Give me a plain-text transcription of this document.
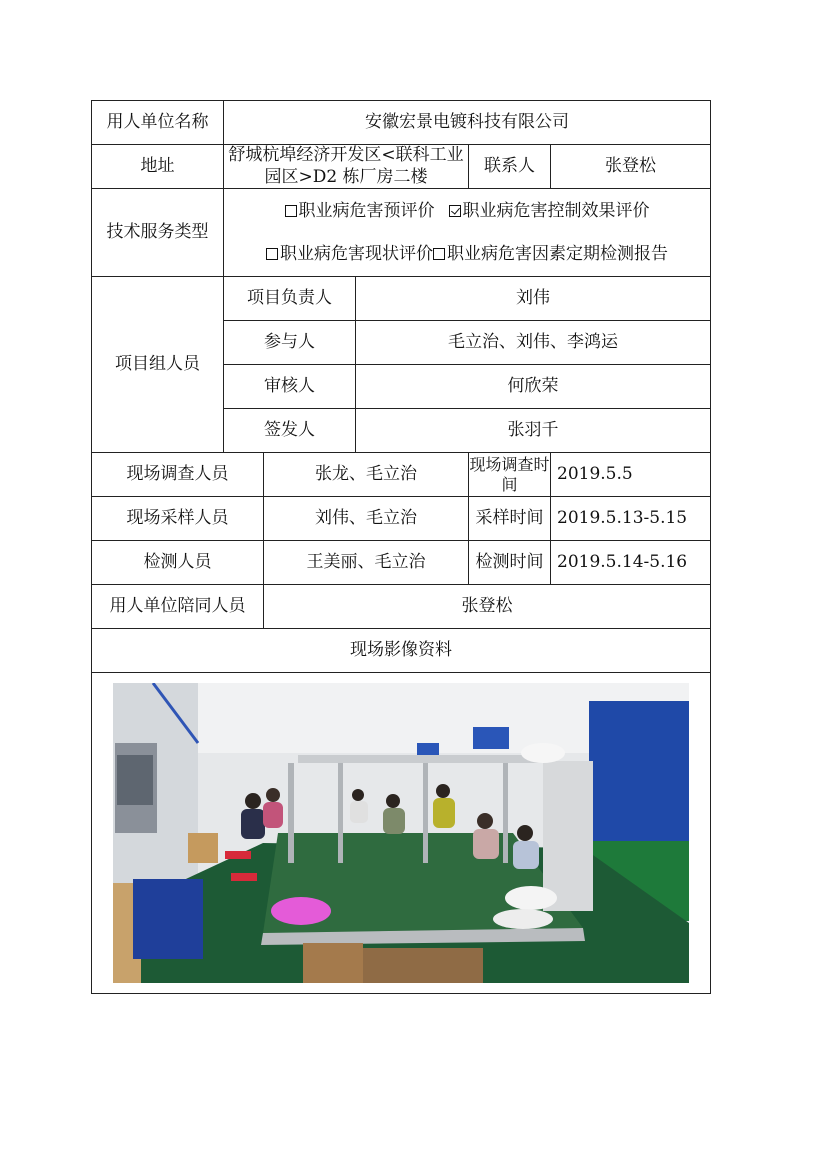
用人单位名称	安徽宏景电镀科技有限公司				
地址	舒城杭埠经济开发区<联科工业
园区>D2 栋厂房二楼			联系人	张登松
技术服务类型	职业病危害预评价 职业病危害控制效果评价
职业病危害现状评价 职业病危害因素定期检测报告				

项目组人员	项目负责人		刘伟		
	参与人		毛立治、刘伟、李鸿运		
	审核人		何欣荣		
	签发人		张羽千		
现场调查人员		张龙、毛立治		现场调查时间	2019.5.5
现场采样人员		刘伟、毛立治		采样时间	2019.5.13-5.15
检测人员		王美丽、毛立治		检测时间	2019.5.14-5.16
用人单位陪同人员		张登松			
现场影像资料					
